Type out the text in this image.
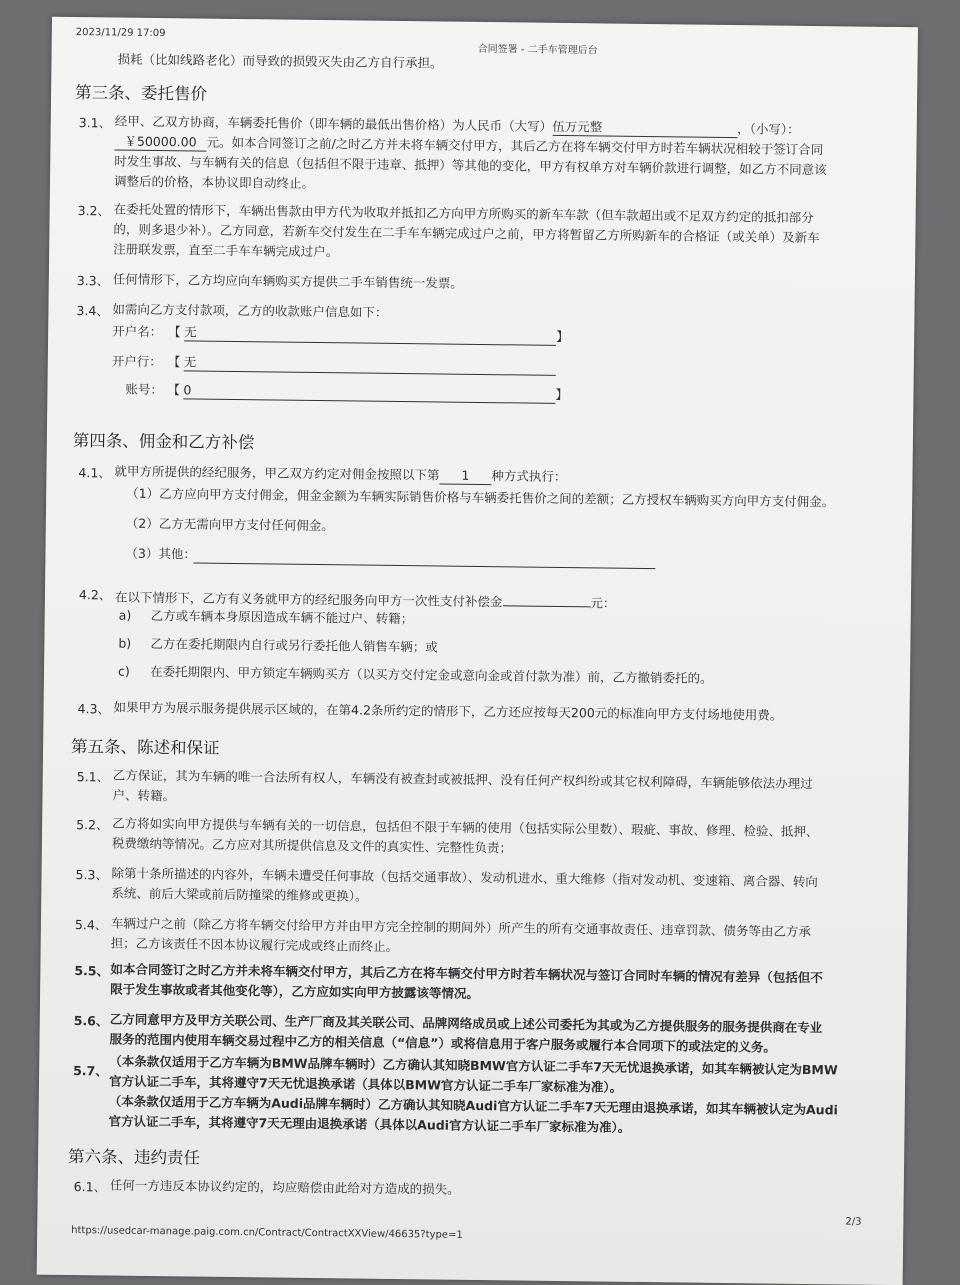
2023/11/29 17:09
合同签署 - 二手车管理后台
损耗（比如线路老化）而导致的损毁灭失由乙方自行承担。
第三条、委托售价
3.1、 经甲、乙双方协商，车辆委托售价（即车辆的最低出售价格）为人民币（大写）伍万元整	，（小写）：
￥50000.00 元。如本合同签订之前/之时乙方并未将车辆交付甲方，其后乙方在将车辆交付甲方时若车辆状况相较于签订合同
时发生事故、与车辆有关的信息（包括但不限于违章、抵押）等其他的变化，甲方有权单方对车辆价款进行调整，如乙方不同意该
调整后的价格，本协议即自动终止。
3.2、 在委托处置的情形下，车辆出售款由甲方代为收取并抵扣乙方向甲方所购买的新车车款（但车款超出或不足双方约定的抵扣部分
的，则多退少补）。乙方同意，若新车交付发生在二手车车辆完成过户之前，甲方将暂留乙方所购新车的合格证（或关单）及新车
注册联发票，直至二手车车辆完成过户。
3.3、 任何情形下，乙方均应向车辆购买方提供二手车销售统一发票。
3.4、 如需向乙方支付款项，乙方的收款账户信息如下：
开户名： 【 无	】
开户行： 【 无
账号： 【 0	】
第四条、佣金和乙方补偿
4.1、 就甲方所提供的经纪服务，甲乙双方约定对佣金按照以下第 1 种方式执行：
（1）乙方应向甲方支付佣金，佣金金额为车辆实际销售价格与车辆委托售价之间的差额；乙方授权车辆购买方向甲方支付佣金。
（2）乙方无需向甲方支付任何佣金。
（3）其他：
4.2、 在以下情形下，乙方有义务就甲方的经纪服务向甲方一次性支付补偿金	元：
a) 乙方或车辆本身原因造成车辆不能过户、转籍；
b) 乙方在委托期限内自行或另行委托他人销售车辆；或
c) 在委托期限内、甲方锁定车辆购买方（以买方交付定金或意向金或首付款为准）前，乙方撤销委托的。
4.3、 如果甲方为展示服务提供展示区域的，在第4.2条所约定的情形下，乙方还应按每天200元的标准向甲方支付场地使用费。
第五条、陈述和保证
5.1、 乙方保证，其为车辆的唯一合法所有权人，车辆没有被查封或被抵押、没有任何产权纠纷或其它权利障碍，车辆能够依法办理过
户、转籍。
5.2、 乙方将如实向甲方提供与车辆有关的一切信息，包括但不限于车辆的使用（包括实际公里数）、瑕疵、事故、修理、检验、抵押、
税费缴纳等情况。乙方应对其所提供信息及文件的真实性、完整性负责；
5.3、 除第十条所描述的内容外，车辆未遭受任何事故（包括交通事故）、发动机进水、重大维修（指对发动机、变速箱、离合器、转向
系统、前后大梁或前后防撞梁的维修或更换）。
5.4、 车辆过户之前（除乙方将车辆交付给甲方并由甲方完全控制的期间外）所产生的所有交通事故责任、违章罚款、债务等由乙方承
担；乙方该责任不因本协议履行完成或终止而终止。
5.5、 如本合同签订之时乙方并未将车辆交付甲方，其后乙方在将车辆交付甲方时若车辆状况与签订合同时车辆的情况有差异（包括但不
限于发生事故或者其他变化等），乙方应如实向甲方披露该等情况。
5.6、 乙方同意甲方及甲方关联公司、生产厂商及其关联公司、品牌网络成员或上述公司委托为其或为乙方提供服务的服务提供商在专业
服务的范围内使用车辆交易过程中乙方的相关信息（“信息”）或将信息用于客户服务或履行本合同项下的或法定的义务。
5.7、 （本条款仅适用于乙方车辆为BMW品牌车辆时）乙方确认其知晓BMW官方认证二手车7天无忧退换承诺，如其车辆被认定为BMW
官方认证二手车，其将遵守7天无忧退换承诺（具体以BMW官方认证二手车厂家标准为准）。
（本条款仅适用于乙方车辆为Audi品牌车辆时）乙方确认其知晓Audi官方认证二手车7天无理由退换承诺，如其车辆被认定为Audi
官方认证二手车，其将遵守7天无理由退换承诺（具体以Audi官方认证二手车厂家标准为准）。
第六条、违约责任
6.1、 任何一方违反本协议约定的，均应赔偿由此给对方造成的损失。
2/3
https://usedcar-manage.paig.com.cn/Contract/ContractXXView/46635?type=1
